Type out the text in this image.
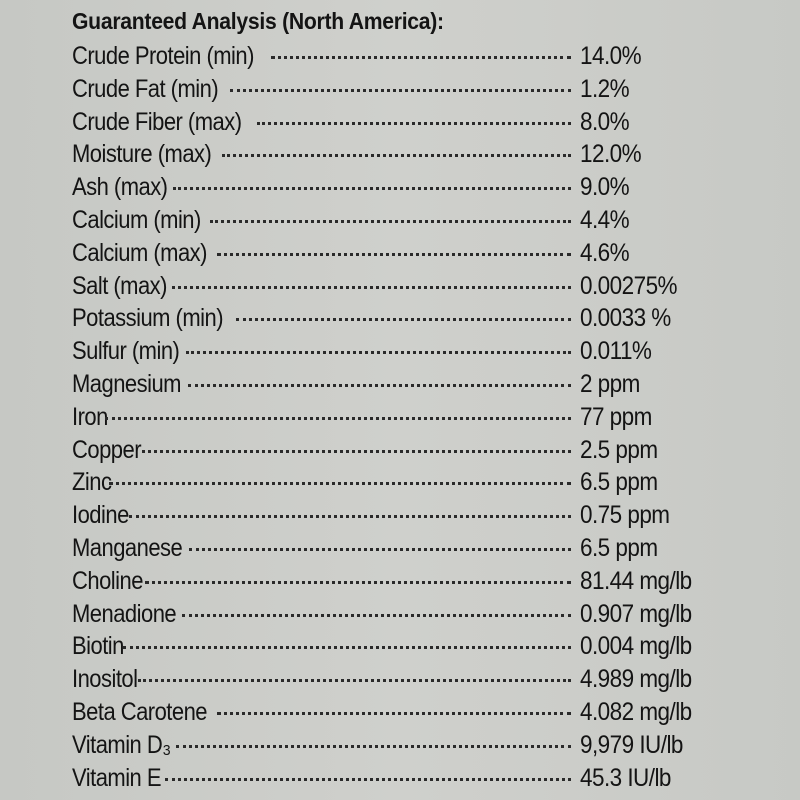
Guaranteed Analysis (North America):
Crude Protein (min)	14.0%
Crude Fat (min)	1.2%
Crude Fiber (max)	8.0%
Moisture (max)	12.0%
Ash (max)	9.0%
Calcium (min)	4.4%
Calcium (max)	4.6%
Salt (max)	0.00275%
Potassium (min)	0.0033 %
Sulfur (min)	0.011%
Magnesium	2 ppm
Iron	77 ppm
Copper	2.5 ppm
Zinc	6.5 ppm
Iodine	0.75 ppm
Manganese	6.5 ppm
Choline	81.44 mg/lb
Menadione	0.907 mg/lb
Biotin	0.004 mg/lb
Inositol	4.989 mg/lb
Beta Carotene	4.082 mg/lb
Vitamin D₃	9,979 IU/lb
Vitamin E	45.3 IU/lb
